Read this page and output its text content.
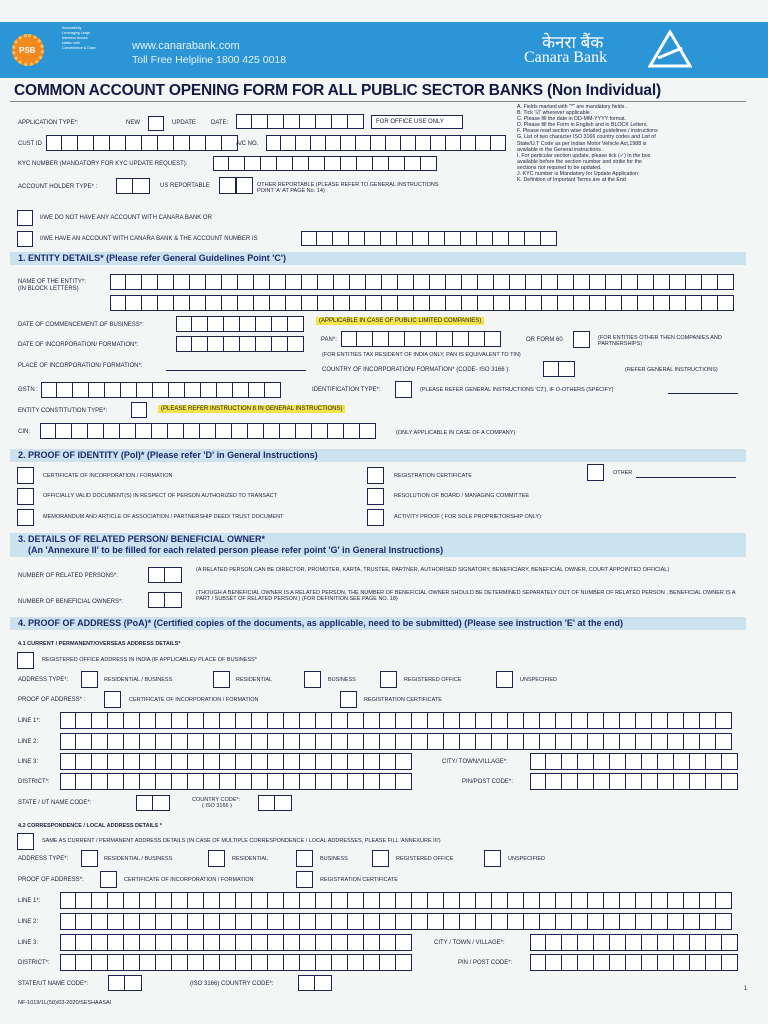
PSB
Accessibility Leveraging Large Interface Across Nation with Convenience & Ease	www.canarabank.com
Toll Free Helpline 1800 425 0018
केनरा बैंक
Canara Bank
COMMON ACCOUNT OPENING FORM FOR ALL PUBLIC SECTOR BANKS (Non Individual)
APPLICATION TYPE*:	NEW	UPDATE	DATE:	FOR OFFICE USE ONLY
CUST ID	A/C NO.
KYC NUMBER (MANDATORY FOR KYC UPDATE REQUEST):
ACCOUNT HOLDER TYPE* :	US REPORTABLE	OTHER REPORTABLE (PLEASE REFER TO GENERAL INSTRUCTIONS POINT 'A' AT PAGE No. 14)
A. Fields marked with "*" are mandatory fields .
B. Tick '☑' wherever applicable .
C. Please fill the date in DD-MM-YYYY format.
D. Please fill the Form in English and in BLOCK Letters.
F. Please read section wise detailed guidelines / instructions
G. List of two character ISO 3166 country codes and List of
State/U.T Code as per Indian Motor Vehicle Act,1988 is
available in the General instructions .
I. For particular section update, please tick (✓) in the box
available before the section number and strike for the
sections not required to be updated.
J. KYC number is Mandatory for Update Application
K. Definition of Important Terms are at the End
I/WE DO NOT HAVE ANY ACCOUNT WITH CANARA BANK OR
I/WE HAVE AN ACCOUNT WITH CANARA BANK & THE ACCOUNT NUMBER IS
1. ENTITY DETAILS* (Please refer General Guidelines Point 'C')
NAME OF THE ENTITY*:
(IN BLOCK LETTERS)
DATE OF COMMENCEMENT OF BUSINESS*:
(APPLICABLE IN CASE OF PUBLIC LIMITED COMPANIES)
DATE OF INCORPORATION/ FORMATION*:
PAN*:	OR FORM 60	(FOR ENTITIES OTHER THEN COMPANIES AND PARTNERSHIPS)
(FOR ENTITIES TAX RESIDENT OF INDIA ONLY, PAN IS EQUIVALENT TO TIN)
PLACE OF INCORPORATION/ FORMATION*:
COUNTRY OF INCORPORATION/ FORMATION* (CODE- ISO 3166 ):	(REFER GENERAL INSTRUCTIONS)
GSTN :	IDENTIFICATION TYPE*:	(PLEASE REFER GENERAL INSTRUCTIONS 'C2'), IF O-OTHERS (SPECIFY)
ENTITY CONSTITUTION TYPE*:	(PLEASE REFER INSTRUCTION 8 IN GENERAL INSTRUCTIONS)
CIN:	(ONLY APPLICABLE IN CASE OF A COMPANY)
2. PROOF OF IDENTITY (PoI)* (Please refer 'D' in General Instructions)
CERTIFICATE OF INCORPORATION / FORMATION
OFFICIALLY VALID DOCUMENT(S) IN RESPECT OF PERSON AUTHORIZED TO TRANSACT
MEMORANDUM AND ARTICLE OF ASSOCIATION / PARTNERSHIP DEED/ TRUST DOCUMENT
REGISTRATION CERTIFICATE
RESOLUTION OF BOARD / MANAGING COMMITTEE
ACTIVITY PROOF ( FOR SOLE PROPRIETORSHIP ONLY)
OTHER
3. DETAILS OF RELATED PERSON/ BENEFICIAL OWNER*
(An 'Annexure II' to be filled for each related person please refer point 'G' in General Instructions)
NUMBER OF RELATED PERSONS*:
(A RELATED PERSON CAN BE DIRECTOR, PROMOTER, KARTA, TRUSTEE, PARTNER, AUTHORISED SIGNATORY, BENEFICIARY, BENEFICIAL OWNER, COURT APPOINTED OFFICIAL)
NUMBER OF BENEFICIAL OWNERS*:
(THOUGH A BENEFICIAL OWNER IS A RELATED PERSON, THE NUMBER OF BENEFICIAL OWNER SHOULD BE DETERMINED SEPARATELY OUT OF NUMBER OF RELATED PERSON , BENEFICIAL OWNER IS A PART / SUBSET OF RELATED PERSON ) (FOR DEFINITION SEE PAGE NO. 18)
4. PROOF OF ADDRESS (PoA)* (Certified copies of the documents, as applicable, need to be submitted) (Please see instruction 'E' at the end)
4.1 CURRENT / PERMANENT/OVERSEAS ADDRESS DETAILS*
REGISTERED OFFICE ADDRESS IN INDIA (IF APPLICABLE)/ PLACE OF BUSINESS*
ADDRESS TYPE*:	RESIDENTIAL / BUSINESS	RESIDENTIAL	BUSINESS	REGISTERED OFFICE	UNSPECIFIED
PROOF OF ADDRESS* :	CERTIFICATE OF INCORPORATION / FORMATION	REGISTRATION CERTIFICATE
LINE 1*:
LINE 2:
LINE 3:	CITY/ TOWN/VILLAGE*:
DISTRICT*:	PIN/POST CODE*:
STATE / UT NAME CODE*:	COUNTRY CODE*:
( ISO 3166 )
4.2 CORRESPONDENCE / LOCAL ADDRESS DETAILS *
SAME AS CURRENT / PERMANENT ADDRESS DETAILS (IN CASE OF MULTIPLE CORRESPONDENCE / LOCAL ADDRESSES, PLEASE FILL 'ANNEXURE III')
ADDRESS TYPE*:	RESIDENTIAL / BUSINESS	RESIDENTIAL	BUSINESS	REGISTERED OFFICE	UNSPECIFIED
PROOF OF ADDRESS*:	CERTIFICATE OF INCORPORATION / FORMATION	REGISTRATION CERTIFICATE
LINE 1*:
LINE 2:
LINE 3:	CITY / TOWN / VILLAGE*:
DISTRICT*:	PIN / POST CODE*:
STATE/UT NAME CODE*:	(ISO 3166) COUNTRY CODE*:
NF-1019/1L(50)/03-2020/SESHAASAI
1
